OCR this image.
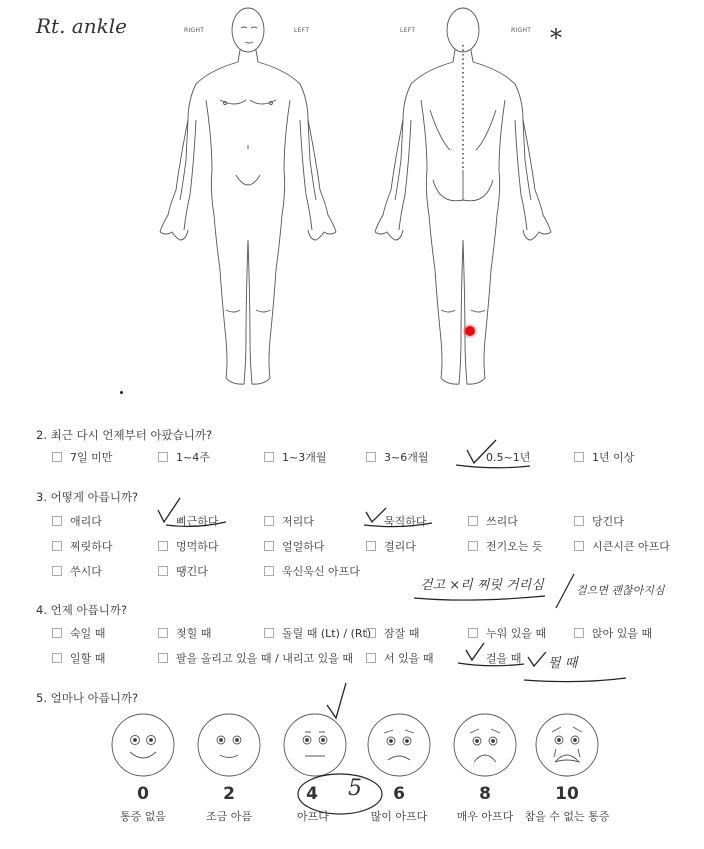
Rt. ankle	*
RIGHT	LEFT	LEFT	RIGHT
2. 최근 다시 언제부터 아팠습니까?
7일 미만	1~4주	1~3개월	3~6개월	0.5~1년	1년 이상
3. 어떻게 아픕니까?
애리다	삐근하다	저리다	묵직하다	쓰리다	당긴다
찌릿하다	멍먹하다	얼얼하다	결리다	전기오는 듯	시큰시큰 아프다
쑤시다	땡긴다	욱신욱신 아프다
걷고 ×리 찌릿 거리심	걸으면 괜찮아지심
4. 언제 아픕니까?
숙일 때	젖힐 때	돌릴 때 (Lt) / (Rt)	잠잘 때	누워 있을 때	앉아 있을 때
일할 때	팔을 올리고 있을 때 / 내리고 있을 때	서 있을 때	걸을 때 뛸 때
5. 얼마나 아픕니까?
5
0	2	4	6	8	10
통증 없음	조금 아픔	아프다	많이 아프다	매우 아프다	참을 수 없는 통증
